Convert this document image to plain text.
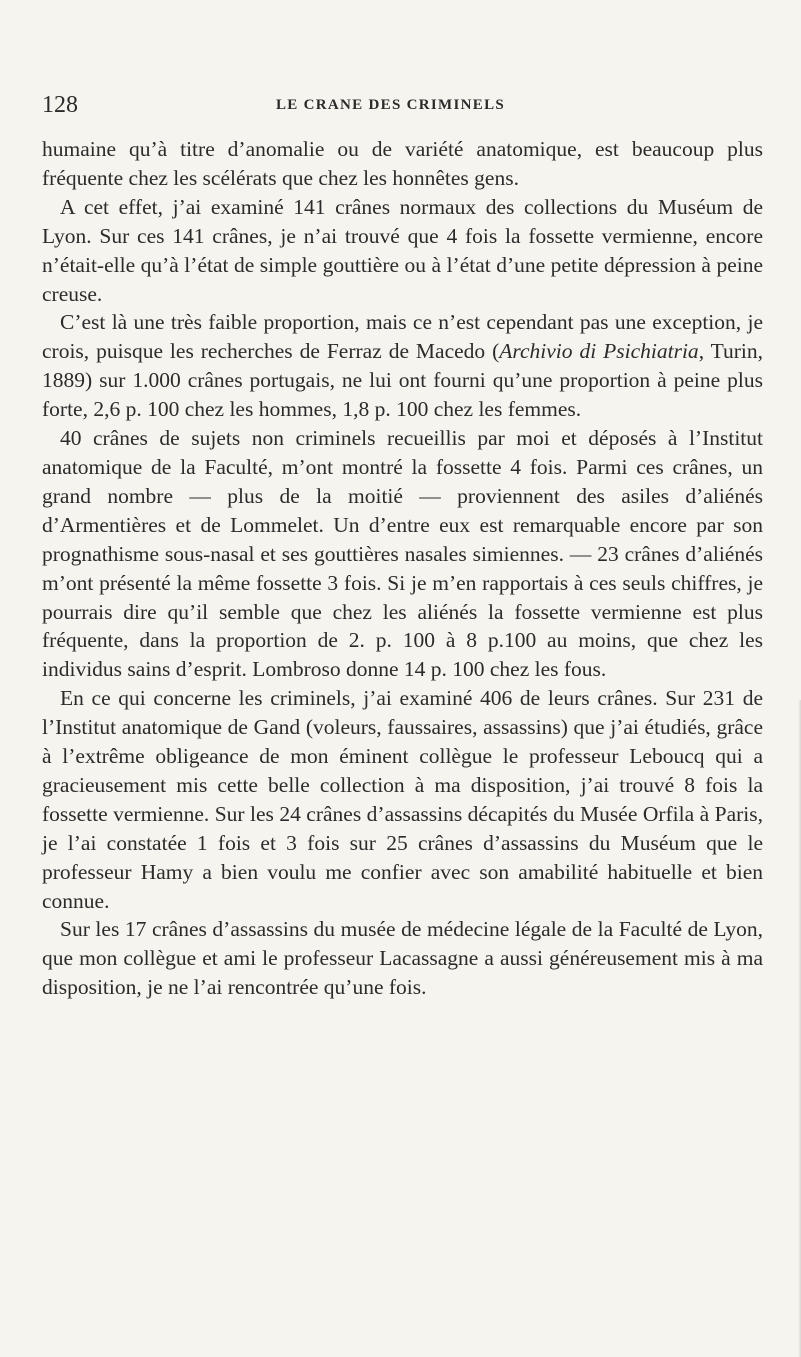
128	LE CRANE DES CRIMINELS

humaine qu’à titre d’anomalie ou de variété anatomique, est beaucoup plus fréquente chez les scélérats que chez les honnêtes gens.

A cet effet, j’ai examiné 141 crânes normaux des collections du Muséum de Lyon. Sur ces 141 crânes, je n’ai trouvé que 4 fois la fossette vermienne, encore n’était-elle qu’à l’état de simple gouttière ou à l’état d’une petite dépression à peine creuse.

C’est là une très faible proportion, mais ce n’est cependant pas une exception, je crois, puisque les recherches de Ferraz de Macedo (Archivio di Psichiatria, Turin, 1889) sur 1.000 crânes portugais, ne lui ont fourni qu’une proportion à peine plus forte, 2,6 p. 100 chez les hommes, 1,8 p. 100 chez les femmes.

40 crânes de sujets non criminels recueillis par moi et déposés à l’Institut anatomique de la Faculté, m’ont montré la fossette 4 fois. Parmi ces crânes, un grand nombre — plus de la moitié — proviennent des asiles d’aliénés d’Armentières et de Lommelet. Un d’entre eux est remarquable encore par son prognathisme sous-nasal et ses gouttières nasales simiennes. — 23 crânes d’aliénés m’ont présenté la même fossette 3 fois. Si je m’en rapportais à ces seuls chiffres, je pourrais dire qu’il semble que chez les aliénés la fossette vermienne est plus fréquente, dans la proportion de 2. p. 100 à 8 p.100 au moins, que chez les individus sains d’esprit. Lombroso donne 14 p. 100 chez les fous.

En ce qui concerne les criminels, j’ai examiné 406 de leurs crânes. Sur 231 de l’Institut anatomique de Gand (voleurs, faussaires, assassins) que j’ai étudiés, grâce à l’extrême obligeance de mon éminent collègue le professeur Leboucq qui a gracieusement mis cette belle collection à ma disposition, j’ai trouvé 8 fois la fossette vermienne. Sur les 24 crânes d’assassins décapités du Musée Orfila à Paris, je l’ai constatée 1 fois et 3 fois sur 25 crânes d’assassins du Muséum que le professeur Hamy a bien voulu me confier avec son amabilité habituelle et bien connue.

Sur les 17 crânes d’assassins du musée de médecine légale de la Faculté de Lyon, que mon collègue et ami le professeur Lacassagne a aussi généreusement mis à ma disposition, je ne l’ai rencontrée qu’une fois.
